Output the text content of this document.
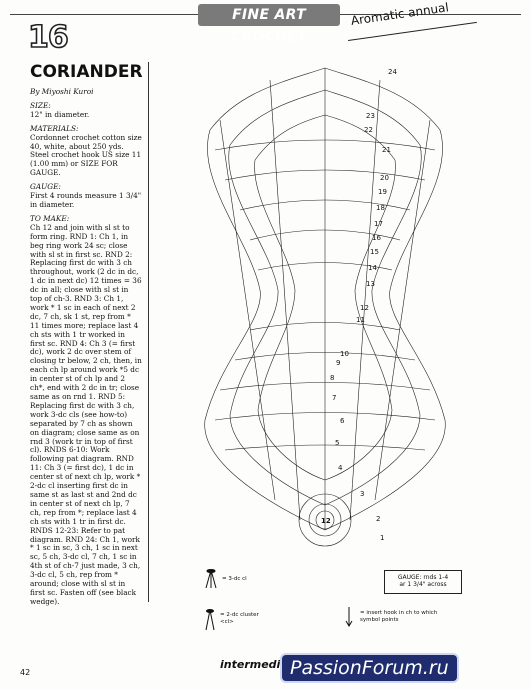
FINE ART CROCHET
Aromatic annual
16
CORIANDER

By Miyoshi Kuroi

SIZE:
12" in diameter.

MATERIALS:
Cordonnet crochet cotton size 40, white, about 250 yds. Steel crochet hook US size 11 (1.00 mm) or SIZE FOR GAUGE.

GAUGE:
First 4 rounds measure 1 3/4" in diameter.

TO MAKE:
Ch 12 and join with sl st to form ring. RND 1: Ch 1, in beg ring work 24 sc; close with sl st in first sc. RND 2: Replacing first dc with 3 ch throughout, work (2 dc in dc, 1 dc in next dc) 12 times = 36 dc in all; close with sl st in top of ch-3. RND 3: Ch 1, work * 1 sc in each of next 2 dc, 7 ch, sk 1 st, rep from * 11 times more; replace last 4 ch sts with 1 tr worked in first sc. RND 4: Ch 3 (= first dc), work 2 dc over stem of closing tr below, 2 ch, then, in each ch lp around work *5 dc in center st of ch lp and 2 ch*, end with 2 dc in tr; close same as on rnd 1. RND 5: Replacing first dc with 3 ch, work 3-dc cls (see how-to) separated by 7 ch as shown on diagram; close same as on rnd 3 (work tr in top of first cl). RNDS 6-10: Work following pat diagram. RND 11: Ch 3 (= first dc), 1 dc in center st of next ch lp, work * 2-dc cl inserting first dc in same st as last st and 2nd dc in center st of next ch lp, 7 ch, rep from *; replace last 4 ch sts with 1 tr in first dc. RNDS 12-23: Refer to pat diagram. RND 24: Ch 1, work * 1 sc in sc, 3 ch, 1 sc in next sc, 5 ch, 3-dc cl, 7 ch, 1 sc in 4th st of ch-7 just made, 3 ch, 3-dc cl, 5 ch, rep from * around; close with sl st in first sc. Fasten off (see black wedge).

12
1
2
3
4
5
6
7
8
9
10
11
12
13
14
15
16
17
18
19
20
21
22
23
24
GAUGE: rnds 1-4
ar 1 3/4" across
= 3-dc cl
= 2-dc cluster <cl>
= insert hook in ch to which symbol points
42
intermedi PassionForum.ru
